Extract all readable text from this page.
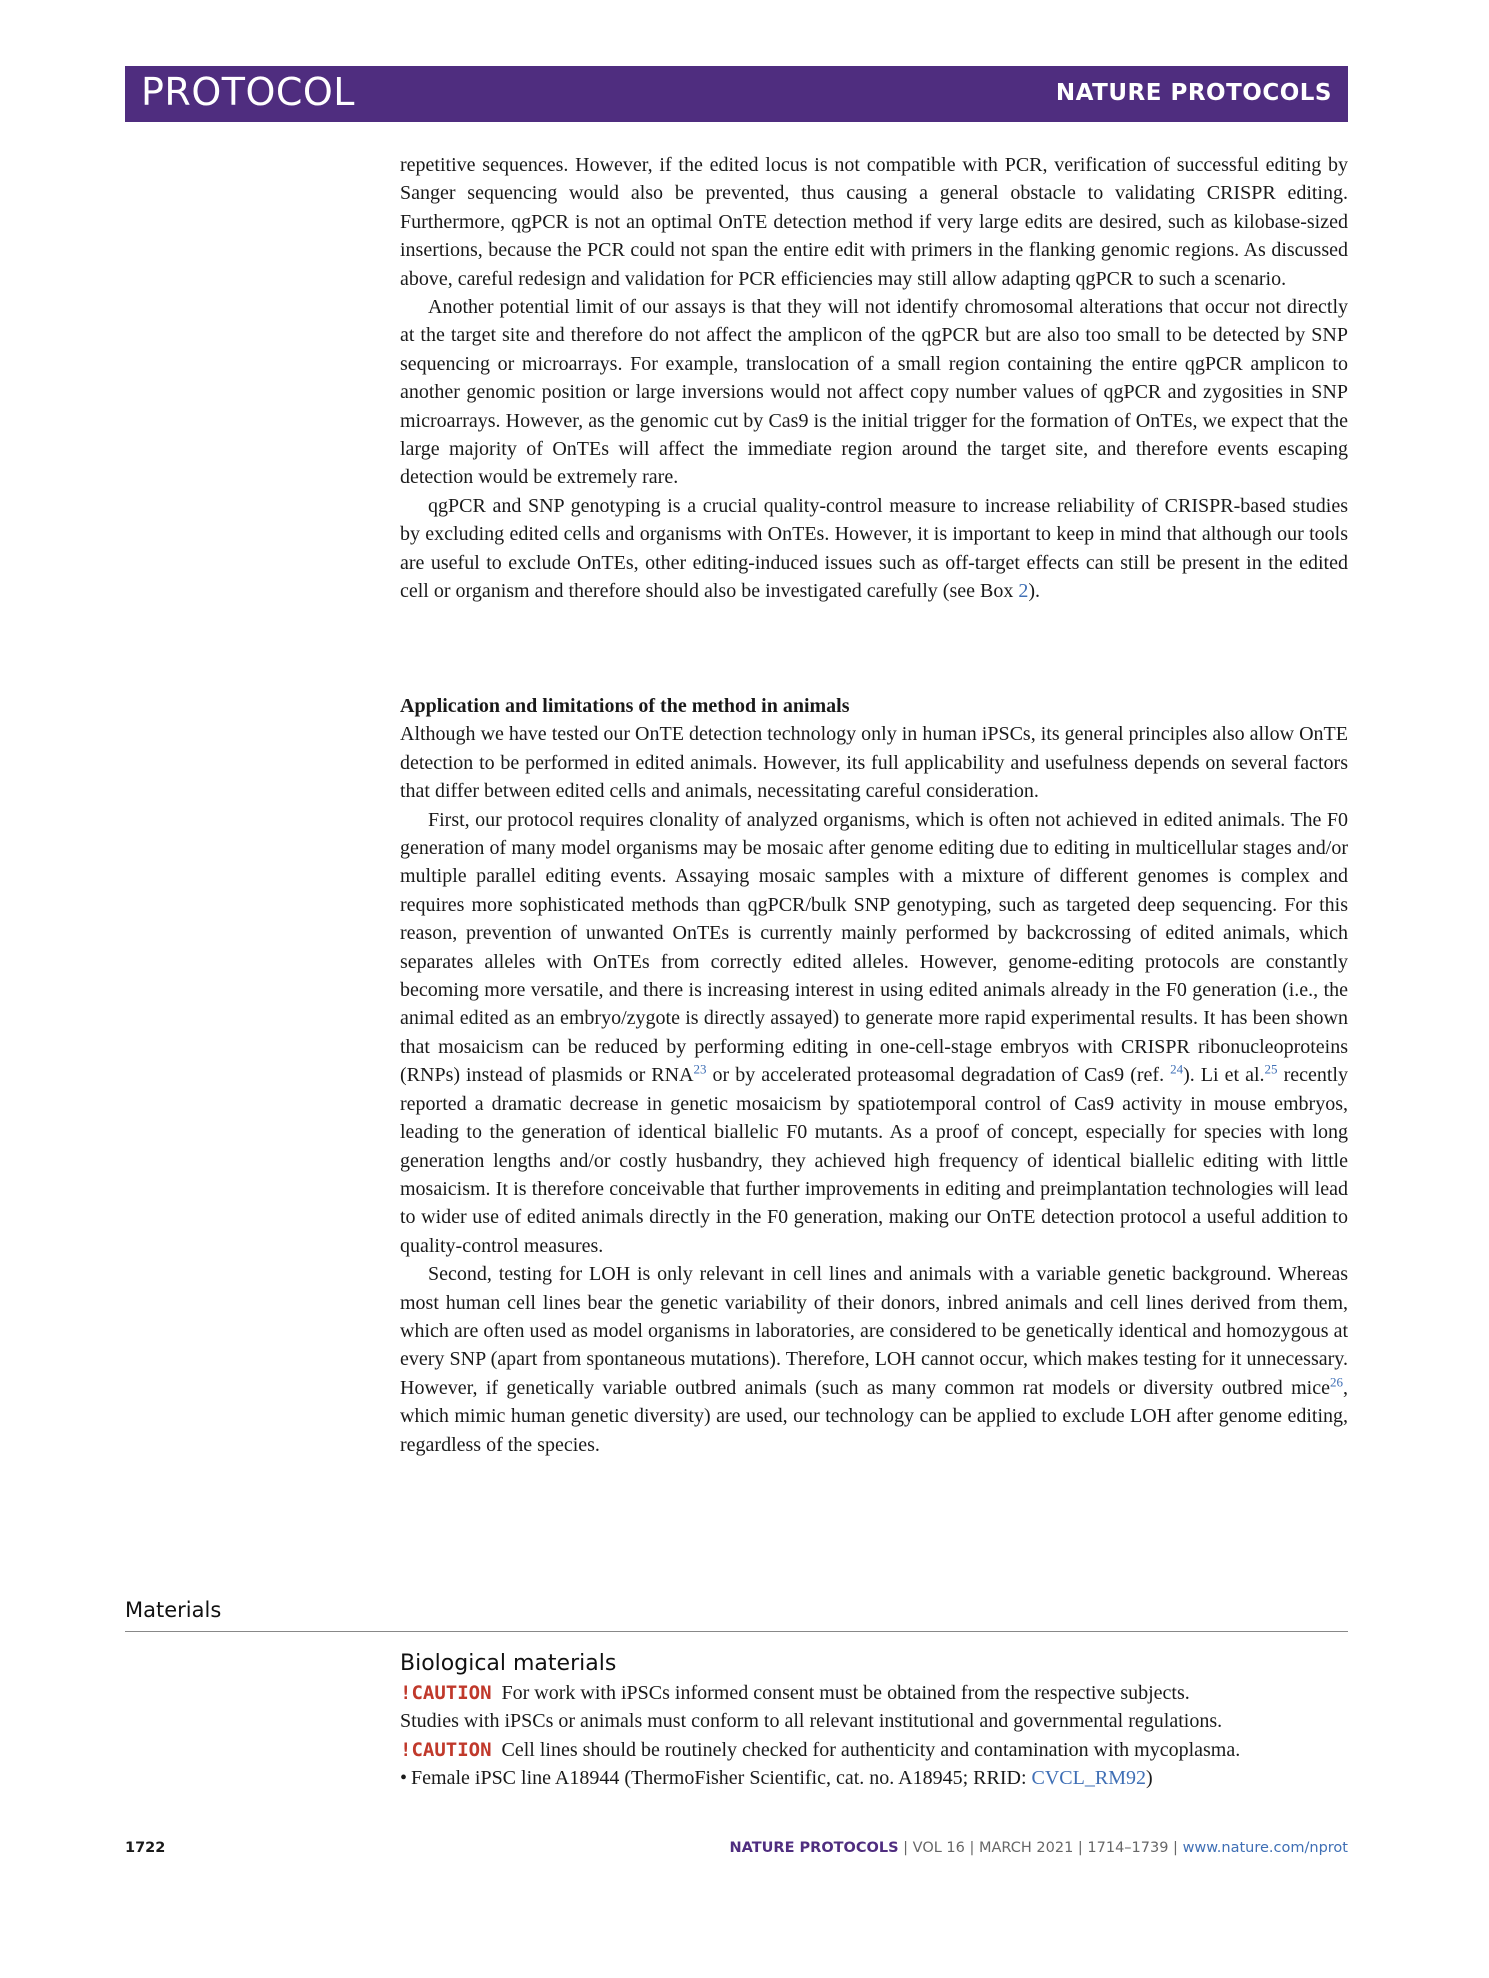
PROTOCOL	NATURE PROTOCOLS

repetitive sequences. However, if the edited locus is not compatible with PCR, verification of successful editing by Sanger sequencing would also be prevented, thus causing a general obstacle to validating CRISPR editing. Furthermore, qgPCR is not an optimal OnTE detection method if very large edits are desired, such as kilobase-sized insertions, because the PCR could not span the entire edit with primers in the flanking genomic regions. As discussed above, careful redesign and validation for PCR efficiencies may still allow adapting qgPCR to such a scenario.

Another potential limit of our assays is that they will not identify chromosomal alterations that occur not directly at the target site and therefore do not affect the amplicon of the qgPCR but are also too small to be detected by SNP sequencing or microarrays. For example, translocation of a small region containing the entire qgPCR amplicon to another genomic position or large inversions would not affect copy number values of qgPCR and zygosities in SNP microarrays. However, as the genomic cut by Cas9 is the initial trigger for the formation of OnTEs, we expect that the large majority of OnTEs will affect the immediate region around the target site, and therefore events escaping detection would be extremely rare.

qgPCR and SNP genotyping is a crucial quality-control measure to increase reliability of CRISPR-based studies by excluding edited cells and organisms with OnTEs. However, it is important to keep in mind that although our tools are useful to exclude OnTEs, other editing-induced issues such as off-target effects can still be present in the edited cell or organism and therefore should also be investigated carefully (see Box 2).

Application and limitations of the method in animals

Although we have tested our OnTE detection technology only in human iPSCs, its general principles also allow OnTE detection to be performed in edited animals. However, its full applicability and usefulness depends on several factors that differ between edited cells and animals, necessitating careful consideration.

First, our protocol requires clonality of analyzed organisms, which is often not achieved in edited animals. The F0 generation of many model organisms may be mosaic after genome editing due to editing in multicellular stages and/or multiple parallel editing events. Assaying mosaic samples with a mixture of different genomes is complex and requires more sophisticated methods than qgPCR/bulk SNP genotyping, such as targeted deep sequencing. For this reason, prevention of unwanted OnTEs is currently mainly performed by backcrossing of edited animals, which separates alleles with OnTEs from correctly edited alleles. However, genome-editing protocols are constantly becoming more versatile, and there is increasing interest in using edited animals already in the F0 generation (i.e., the animal edited as an embryo/zygote is directly assayed) to generate more rapid experimental results. It has been shown that mosaicism can be reduced by performing editing in one-cell-stage embryos with CRISPR ribonucleoproteins (RNPs) instead of plasmids or RNA$^{23}$ or by accelerated proteasomal degradation of Cas9 (ref. $^{24}$). Li et al.$^{25}$ recently reported a dramatic decrease in genetic mosaicism by spatiotemporal control of Cas9 activity in mouse embryos, leading to the generation of identical biallelic F0 mutants. As a proof of concept, especially for species with long generation lengths and/or costly husbandry, they achieved high frequency of identical biallelic editing with little mosaicism. It is therefore conceivable that further improvements in editing and preimplantation technologies will lead to wider use of edited animals directly in the F0 generation, making our OnTE detection protocol a useful addition to quality-control measures.

Second, testing for LOH is only relevant in cell lines and animals with a variable genetic background. Whereas most human cell lines bear the genetic variability of their donors, inbred animals and cell lines derived from them, which are often used as model organisms in laboratories, are considered to be genetically identical and homozygous at every SNP (apart from spontaneous mutations). Therefore, LOH cannot occur, which makes testing for it unnecessary. However, if genetically variable outbred animals (such as many common rat models or diversity outbred mice$^{26}$, which mimic human genetic diversity) are used, our technology can be applied to exclude LOH after genome editing, regardless of the species.

Materials

Biological materials

!CAUTION For work with iPSCs informed consent must be obtained from the respective subjects.

Studies with iPSCs or animals must conform to all relevant institutional and governmental regulations.

!CAUTION Cell lines should be routinely checked for authenticity and contamination with mycoplasma.

• Female iPSC line A18944 (ThermoFisher Scientific, cat. no. A18945; RRID: CVCL_RM92)

1722	NATURE PROTOCOLS | VOL 16 | MARCH 2021 | 1714–1739 | www.nature.com/nprot
